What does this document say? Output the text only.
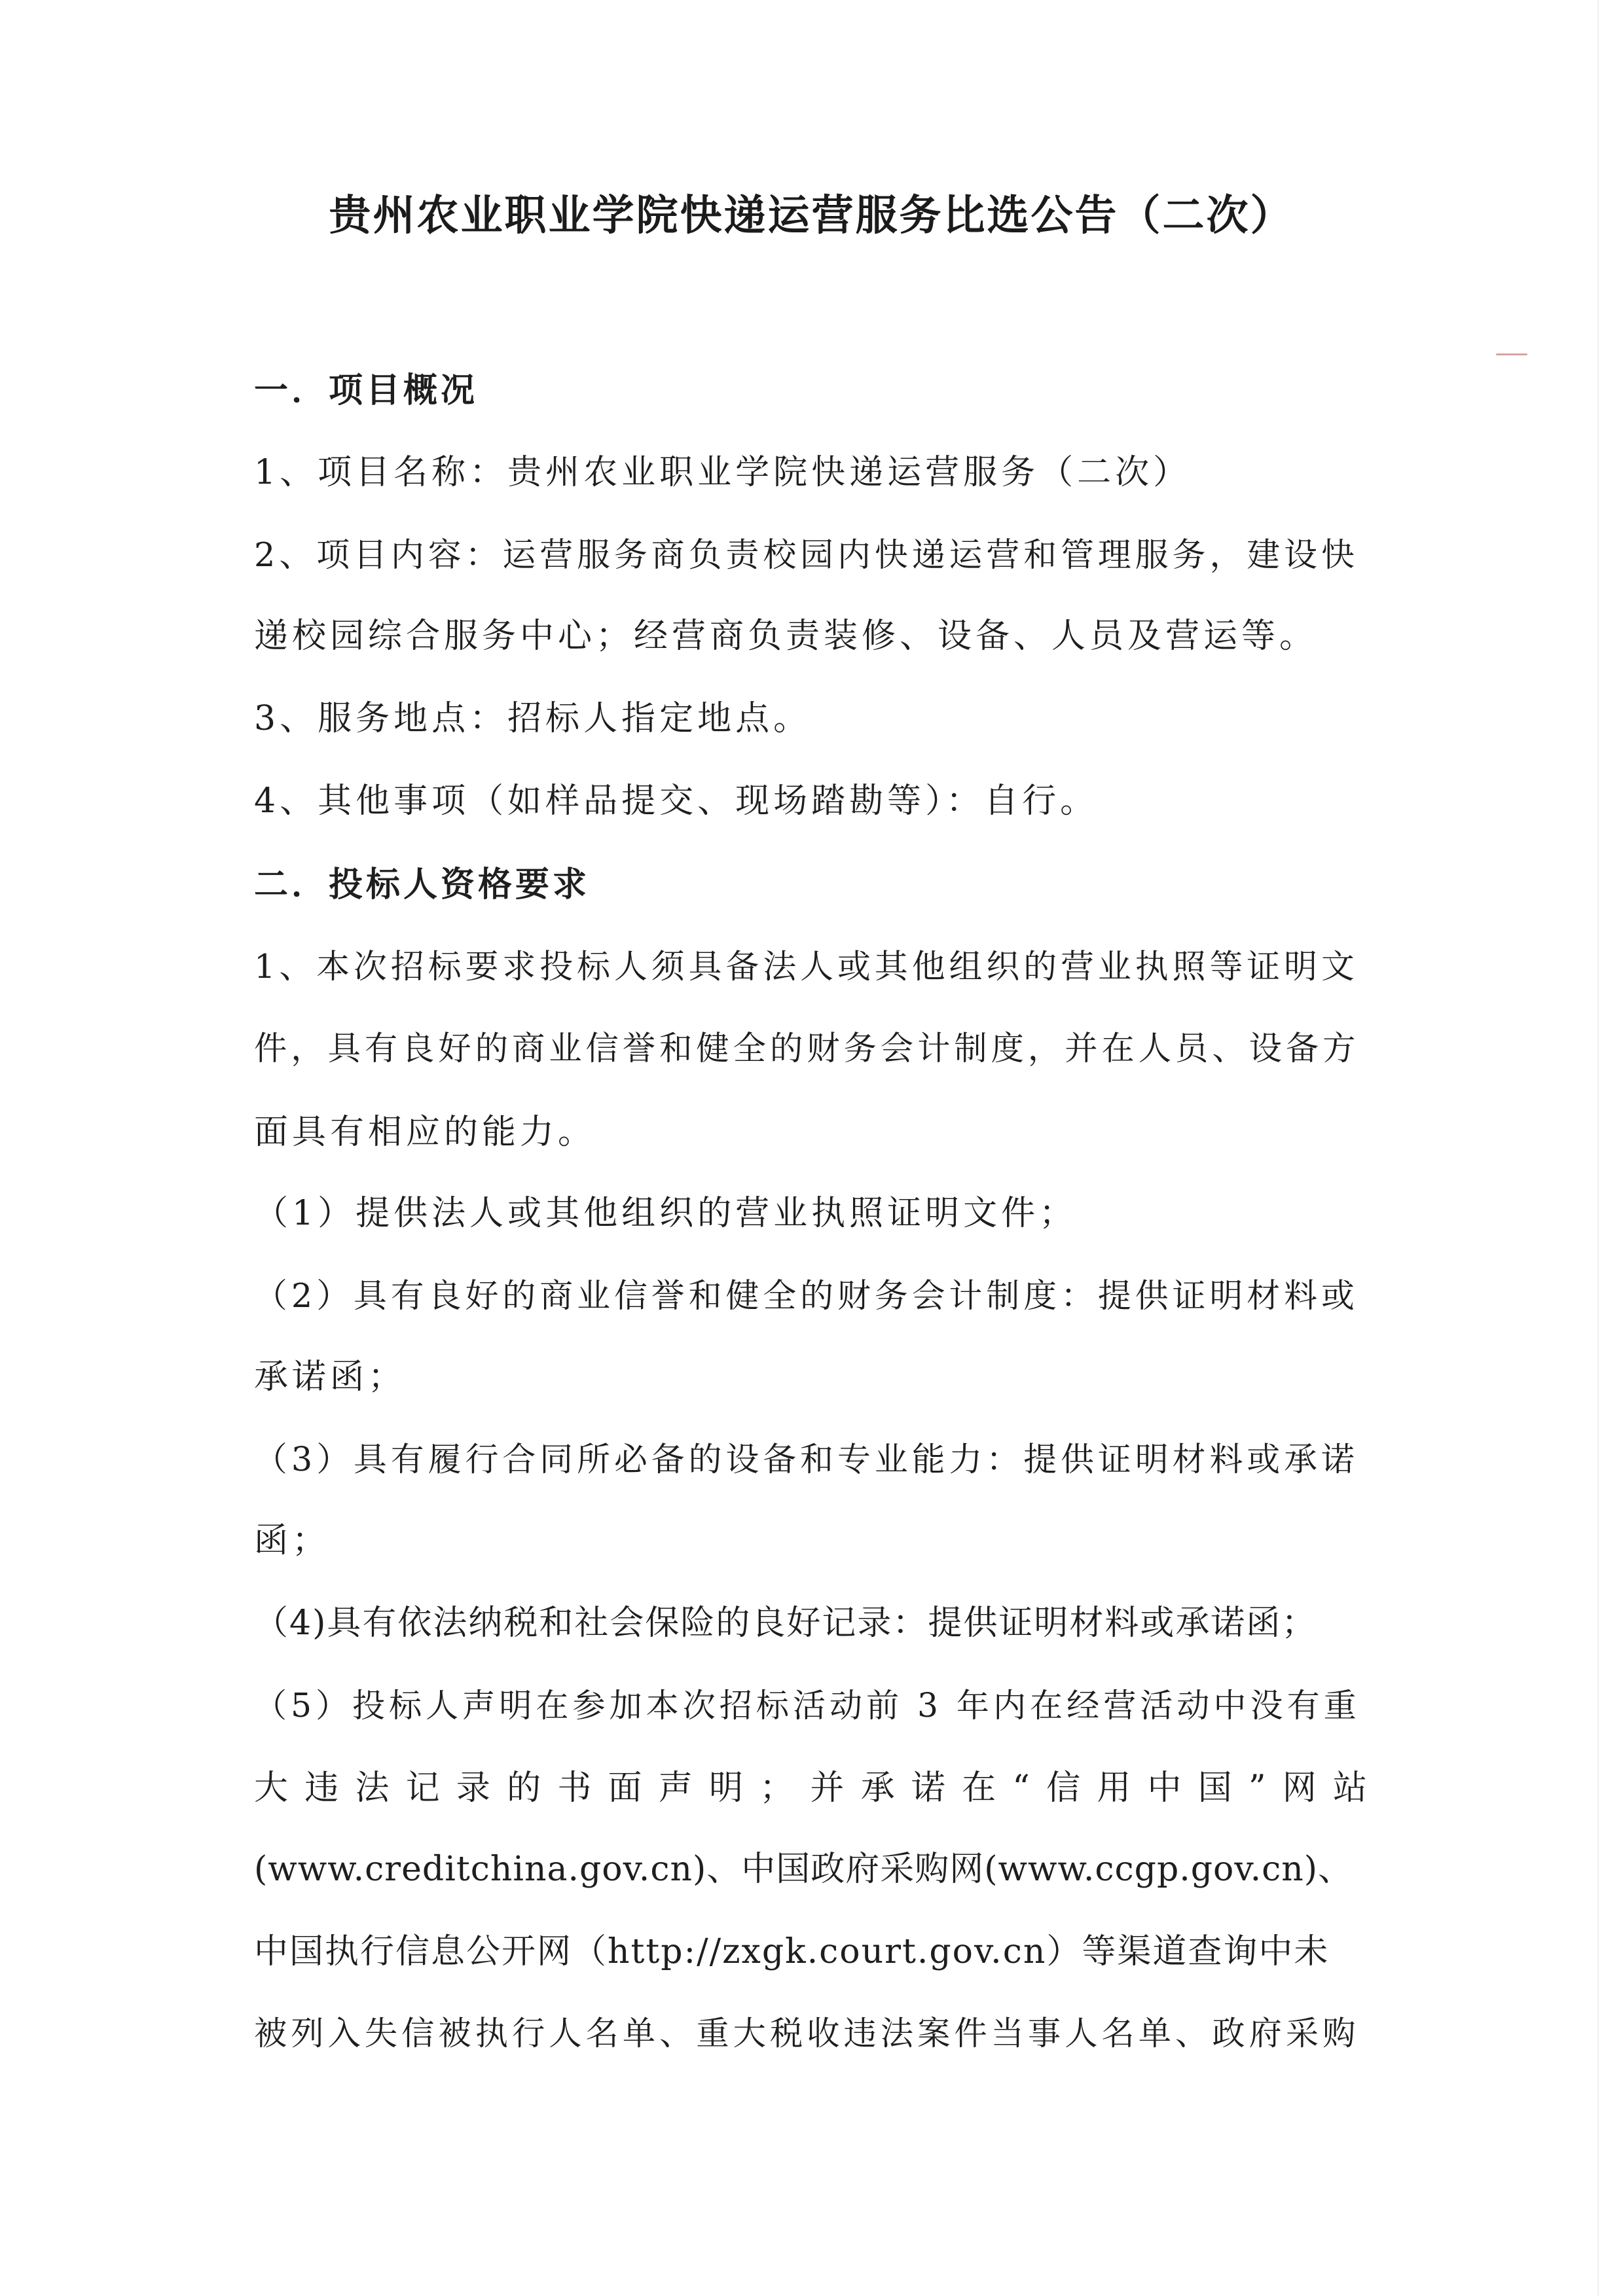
贵州农业职业学院快递运营服务比选公告（二次）
一．项目概况
1、项目名称：贵州农业职业学院快递运营服务（二次）
2、项目内容：运营服务商负责校园内快递运营和管理服务，建设快
递校园综合服务中心；经营商负责装修、设备、人员及营运等。
3、服务地点：招标人指定地点。
4、其他事项（如样品提交、现场踏勘等）：自行。
二．投标人资格要求
1、本次招标要求投标人须具备法人或其他组织的营业执照等证明文
件，具有良好的商业信誉和健全的财务会计制度，并在人员、设备方
面具有相应的能力。
（1）提供法人或其他组织的营业执照证明文件；
（2）具有良好的商业信誉和健全的财务会计制度：提供证明材料或
承诺函；
（3）具有履行合同所必备的设备和专业能力：提供证明材料或承诺
函；
（4)具有依法纳税和社会保险的良好记录：提供证明材料或承诺函；
（5）投标人声明在参加本次招标活动前 3 年内在经营活动中没有重
大违法记录的书面声明；并承诺在“信用中国”网站
(www.creditchina.gov.cn)、中国政府采购网(www.ccgp.gov.cn)、
中国执行信息公开网（http://zxgk.court.gov.cn）等渠道查询中未
被列入失信被执行人名单、重大税收违法案件当事人名单、政府采购
